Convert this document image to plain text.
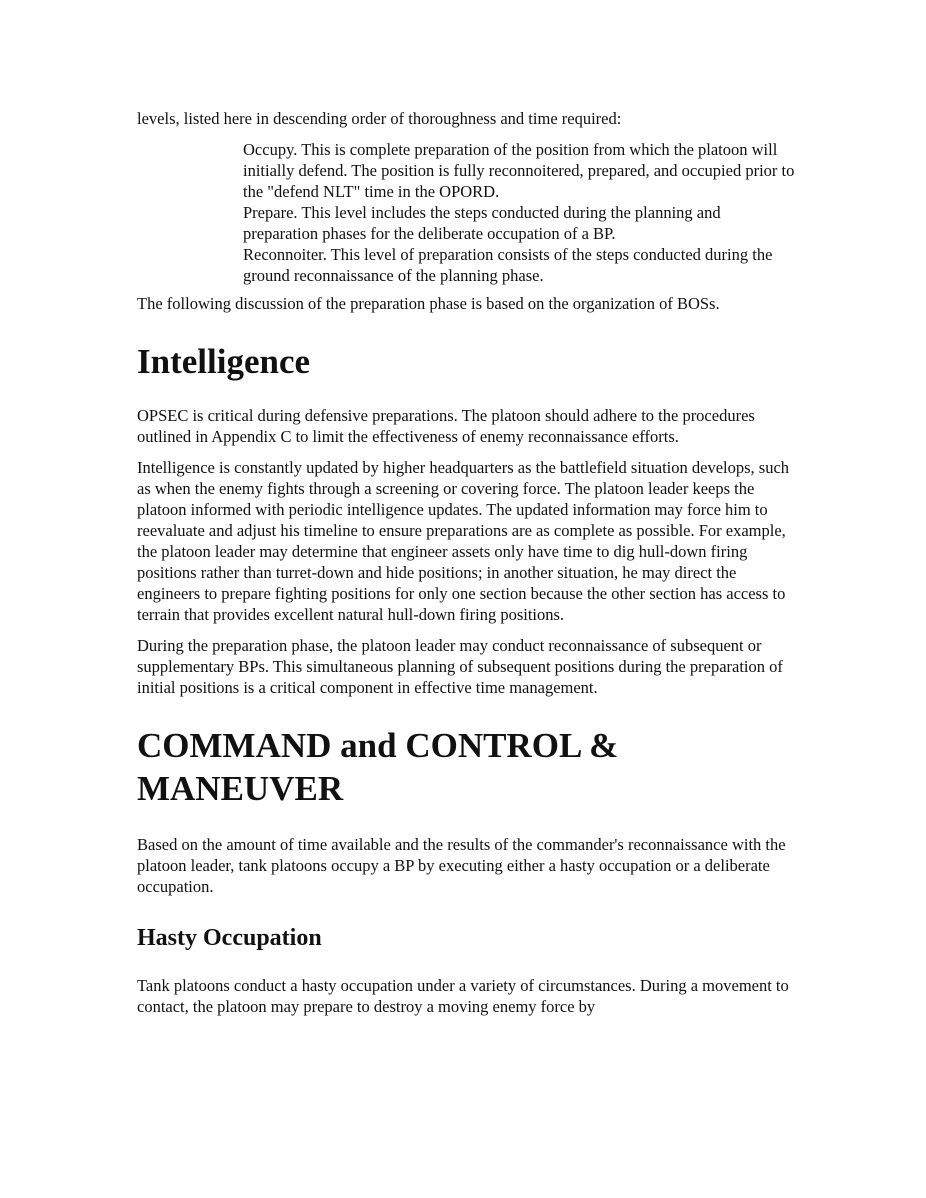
levels, listed here in descending order of thoroughness and time required:

Occupy. This is complete preparation of the position from which the platoon will initially defend. The position is fully reconnoitered, prepared, and occupied prior to the "defend NLT" time in the OPORD.

Prepare. This level includes the steps conducted during the planning and preparation phases for the deliberate occupation of a BP.

Reconnoiter. This level of preparation consists of the steps conducted during the ground reconnaissance of the planning phase.

The following discussion of the preparation phase is based on the organization of BOSs.

Intelligence

OPSEC is critical during defensive preparations. The platoon should adhere to the procedures outlined in Appendix C to limit the effectiveness of enemy reconnaissance efforts.

Intelligence is constantly updated by higher headquarters as the battlefield situation develops, such as when the enemy fights through a screening or covering force. The platoon leader keeps the platoon informed with periodic intelligence updates. The updated information may force him to reevaluate and adjust his timeline to ensure preparations are as complete as possible. For example, the platoon leader may determine that engineer assets only have time to dig hull-down firing positions rather than turret-down and hide positions; in another situation, he may direct the engineers to prepare fighting positions for only one section because the other section has access to terrain that provides excellent natural hull-down firing positions.

During the preparation phase, the platoon leader may conduct reconnaissance of subsequent or supplementary BPs. This simultaneous planning of subsequent positions during the preparation of initial positions is a critical component in effective time management.

COMMAND and CONTROL & MANEUVER

Based on the amount of time available and the results of the commander's reconnaissance with the platoon leader, tank platoons occupy a BP by executing either a hasty occupation or a deliberate occupation.

Hasty Occupation

Tank platoons conduct a hasty occupation under a variety of circumstances. During a movement to contact, the platoon may prepare to destroy a moving enemy force by
